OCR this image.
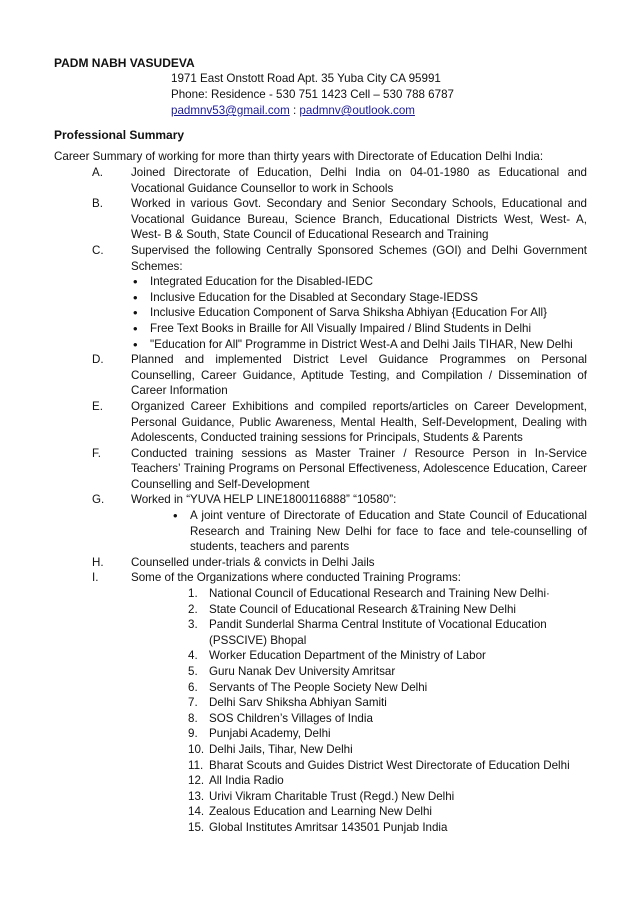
PADM NABH VASUDEVA
1971 East Onstott Road Apt. 35 Yuba City CA 95991
Phone: Residence - 530 751 1423 Cell – 530 788 6787
padmnv53@gmail.com : padmnv@outlook.com
Professional Summary
Career Summary of working for more than thirty years with Directorate of Education Delhi India:
A. Joined Directorate of Education, Delhi India on 04-01-1980 as Educational and Vocational Guidance Counsellor to work in Schools
B. Worked in various Govt. Secondary and Senior Secondary Schools, Educational and Vocational Guidance Bureau, Science Branch, Educational Districts West, West- A, West- B & South, State Council of Educational Research and Training
C. Supervised the following Centrally Sponsored Schemes (GOI) and Delhi Government Schemes:
• Integrated Education for the Disabled-IEDC
• Inclusive Education for the Disabled at Secondary Stage-IEDSS
• Inclusive Education Component of Sarva Shiksha Abhiyan {Education For All}
• Free Text Books in Braille for All Visually Impaired / Blind Students in Delhi
• "Education for All" Programme in District West-A and Delhi Jails TIHAR, New Delhi
D. Planned and implemented District Level Guidance Programmes on Personal Counselling, Career Guidance, Aptitude Testing, and Compilation / Dissemination of Career Information
E. Organized Career Exhibitions and compiled reports/articles on Career Development, Personal Guidance, Public Awareness, Mental Health, Self-Development, Dealing with Adolescents, Conducted training sessions for Principals, Students & Parents
F.	Conducted training sessions as Master Trainer / Resource Person in In-Service Teachers’ Training Programs on Personal Effectiveness, Adolescence Education, Career Counselling and Self-Development
G. Worked in “YUVA HELP LINE1800116888” “10580”:
• A joint venture of Directorate of Education and State Council of Educational Research and Training New Delhi for face to face and tele-counselling of students, teachers and parents
H. Counselled under-trials & convicts in Delhi Jails
I.	Some of the Organizations where conducted Training Programs:
1. National Council of Educational Research and Training New Delhi·
2. State Council of Educational Research &Training New Delhi
3. Pandit Sunderlal Sharma Central Institute of Vocational Education (PSSCIVE) Bhopal
4. Worker Education Department of the Ministry of Labor
5. Guru Nanak Dev University Amritsar
6. Servants of The People Society New Delhi
7. Delhi Sarv Shiksha Abhiyan Samiti
8. SOS Children’s Villages of India
9. Punjabi Academy, Delhi
10. Delhi Jails, Tihar, New Delhi
11. Bharat Scouts and Guides District West Directorate of Education Delhi
12. All India Radio
13. Urivi Vikram Charitable Trust (Regd.) New Delhi
14. Zealous Education and Learning New Delhi
15. Global Institutes Amritsar 143501 Punjab India
